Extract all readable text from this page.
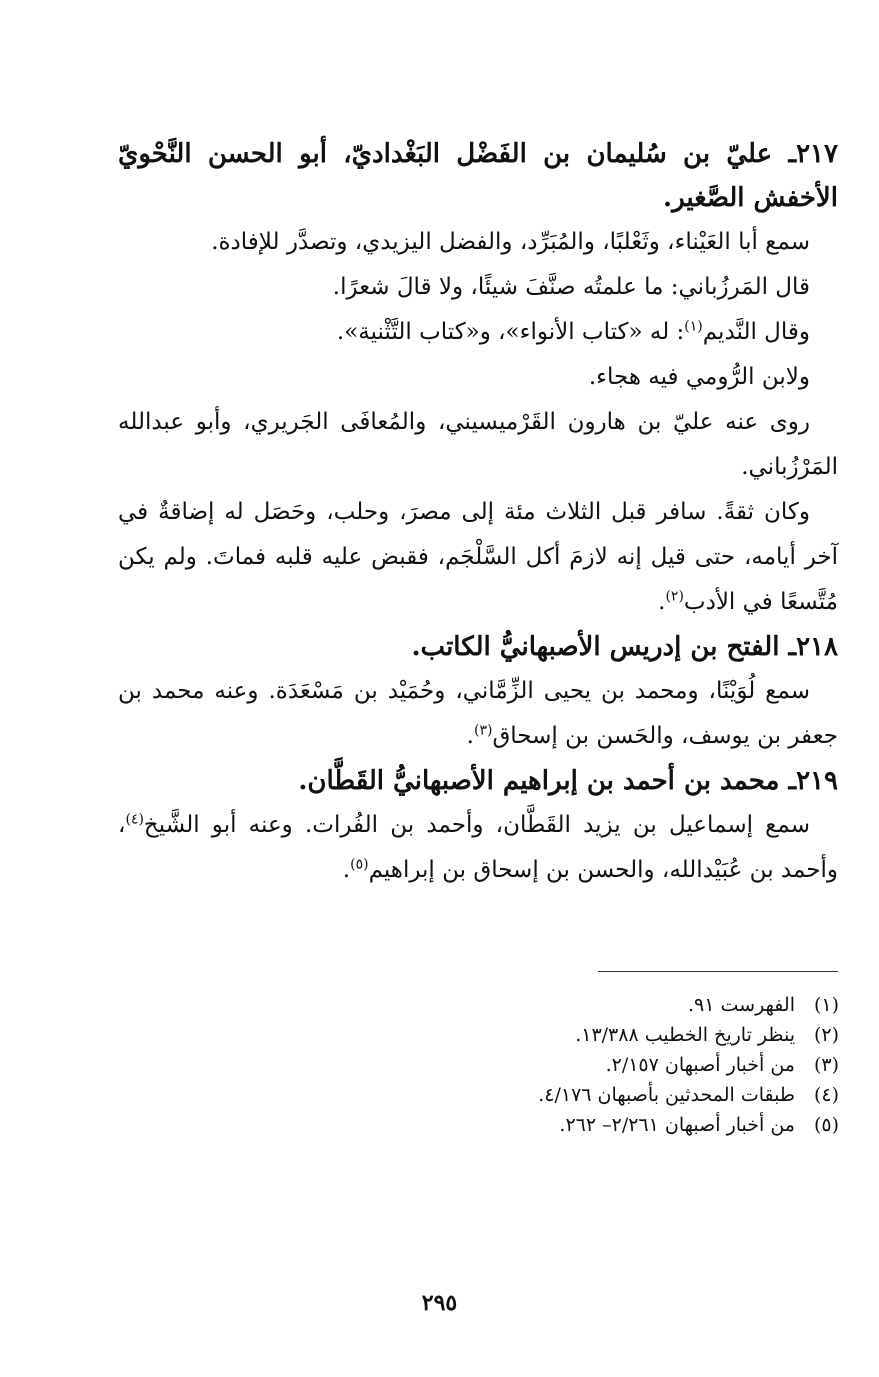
٢١٧ـ عليّ بن سُليمان بن الفَضْل البَغْداديّ، أبو الحسن النَّحْويّ الأخفش الصَّغير.

سمع أبا العَيْناء، وثَعْلبًا، والمُبَرِّد، والفضل اليزيدي، وتصدَّر للإفادة.

قال المَرزُباني: ما علمتُه صنَّفَ شيئًا، ولا قالَ شعرًا.

وقال النَّديم$^{(١)}$: له «كتاب الأنواء»، و«كتاب التَّثْنية».

ولابن الرُّومي فيه هجاء.

روى عنه عليّ بن هارون القَرْميسيني، والمُعافَى الجَريري، وأبو عبدالله المَرْزُباني.

وكان ثقةً. سافر قبل الثلاث مئة إلى مصرَ، وحلب، وحَصَل له إضاقةٌ في آخر أيامه، حتى قيل إنه لازمَ أكل السَّلْجَم، فقبض عليه قلبه فماتَ. ولم يكن مُتَّسعًا في الأدب$^{(٢)}$.

٢١٨ـ الفتح بن إدريس الأصبهانيُّ الكاتب.

سمع لُوَيْنًا، ومحمد بن يحيى الزِّمَّاني، وحُمَيْد بن مَسْعَدَة. وعنه محمد بن جعفر بن يوسف، والحَسن بن إسحاق$^{(٣)}$.

٢١٩ـ محمد بن أحمد بن إبراهيم الأصبهانيُّ القَطَّان.

سمع إسماعيل بن يزيد القَطَّان، وأحمد بن الفُرات. وعنه أبو الشَّيخ$^{(٤)}$، وأحمد بن عُبَيْدالله، والحسن بن إسحاق بن إبراهيم$^{(٥)}$.

(١)
الفهرست ٩١.

(٢)
ينظر تاريخ الخطيب ١٣/٣٨٨.

(٣)
من أخبار أصبهان ٢/١٥٧.

(٤)
طبقات المحدثين بأصبهان ٤/١٧٦.

(٥)
من أخبار أصبهان ٢/٢٦١– ٢٦٢.

٢٩٥
